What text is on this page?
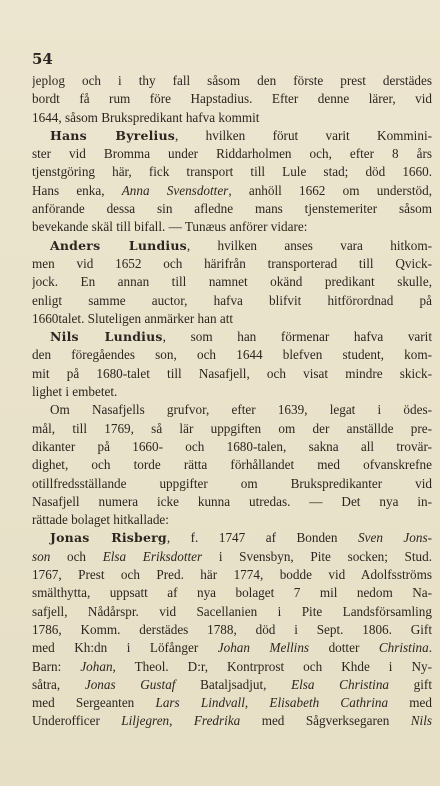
54
jeplog och i thy fall såsom den förste prest derstädes
bordt få rum före Hapstadius. Efter denne lärer, vid
1644, såsom Brukspredikant hafva kommit
Hans Byrelius, hvilken förut varit Kommini-
ster vid Bromma under Riddarholmen och, efter 8 års
tjenstgöring här, fick transport till Lule stad; död 1660.
Hans enka, Anna Svensdotter, anhöll 1662 om understöd,
anförande dessa sin afledne mans tjenstemeriter såsom
bevekande skäl till bifall. — Tunæus anförer vidare:
Anders Lundius, hvilken anses vara hitkom-
men vid 1652 och härifrån transporterad till Qvick-
jock. En annan till namnet okänd predikant skulle,
enligt samme auctor, hafva blifvit hitförordnad på
1660talet. Sluteligen anmärker han att
Nils Lundius, som han förmenar hafva varit
den föregåendes son, och 1644 blefven student, kom-
mit på 1680-talet till Nasafjell, och visat mindre skick-
lighet i embetet.
Om Nasafjells grufvor, efter 1639, legat i ödes-
mål, till 1769, så lär uppgiften om der anställde pre-
dikanter på 1660- och 1680-talen, sakna all trovär-
dighet, och torde rätta förhållandet med ofvanskrefne
otillfredsställande uppgifter om Brukspredikanter vid
Nasafjell numera icke kunna utredas. — Det nya in-
rättade bolaget hitkallade:
Jonas Risberg, f. 1747 af Bonden Sven Jons-
son och Elsa Eriksdotter i Svensbyn, Pite socken; Stud.
1767, Prest och Pred. här 1774, bodde vid Adolfsströms
smälthytta, uppsatt af nya bolaget 7 mil nedom Na-
safjell, Nådårspr. vid Sacellanien i Pite Landsförsamling
1786, Komm. derstädes 1788, död i Sept. 1806. Gift
med Kh:dn i Löfånger Johan Mellins dotter Christina.
Barn: Johan, Theol. D:r, Kontrprost och Khde i Ny-
såtra, Jonas Gustaf Bataljsadjut, Elsa Christina gift
med Sergeanten Lars Lindvall, Elisabeth Cathrina med
Underofficer Liljegren, Fredrika med Sågverksegaren Nils
